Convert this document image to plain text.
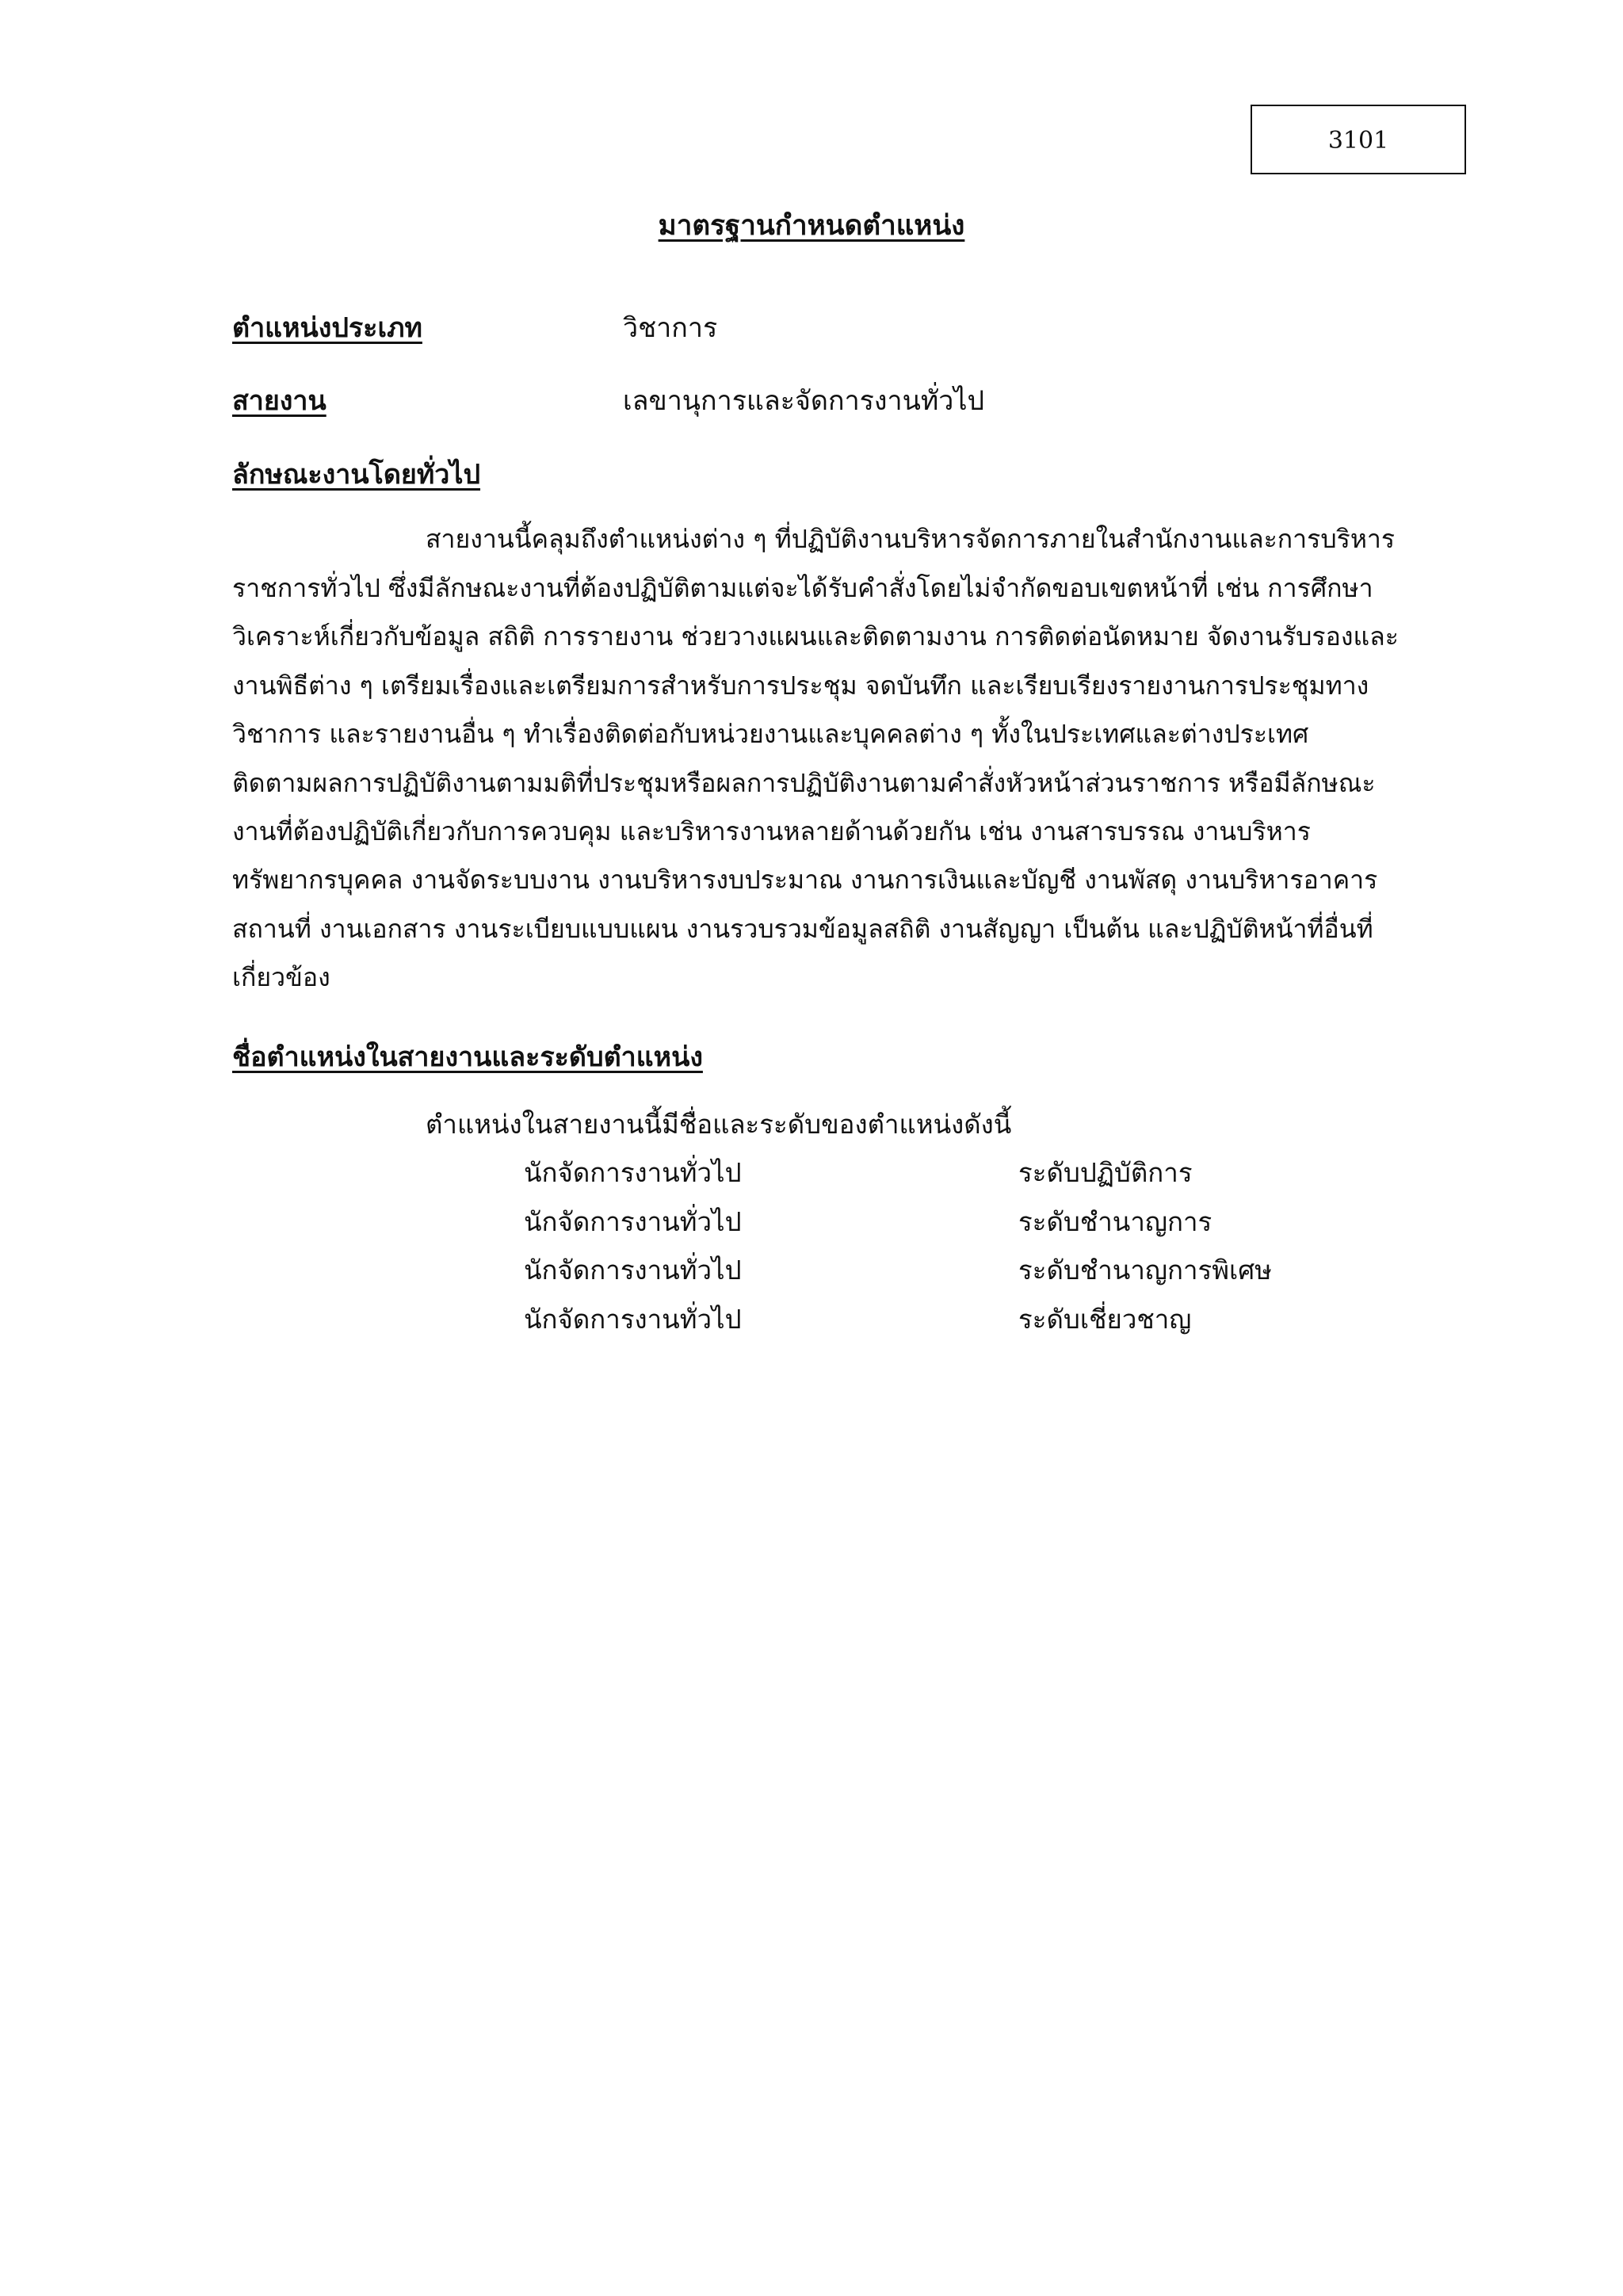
3101
มาตรฐานกำหนดตำแหน่ง
ตำแหน่งประเภท	วิชาการ
สายงาน	เลขานุการและจัดการงานทั่วไป
ลักษณะงานโดยทั่วไป
สายงานนี้คลุมถึงตำแหน่งต่าง ๆ ที่ปฏิบัติงานบริหารจัดการภายในสำนักงานและการบริหาร
ราชการทั่วไป ซึ่งมีลักษณะงานที่ต้องปฏิบัติตามแต่จะได้รับคำสั่งโดยไม่จำกัดขอบเขตหน้าที่ เช่น การศึกษา
วิเคราะห์เกี่ยวกับข้อมูล สถิติ การรายงาน ช่วยวางแผนและติดตามงาน การติดต่อนัดหมาย จัดงานรับรองและ
งานพิธีต่าง ๆ เตรียมเรื่องและเตรียมการสำหรับการประชุม จดบันทึก และเรียบเรียงรายงานการประชุมทาง
วิชาการ และรายงานอื่น ๆ ทำเรื่องติดต่อกับหน่วยงานและบุคคลต่าง ๆ ทั้งในประเทศและต่างประเทศ
ติดตามผลการปฏิบัติงานตามมติที่ประชุมหรือผลการปฏิบัติงานตามคำสั่งหัวหน้าส่วนราชการ หรือมีลักษณะ
งานที่ต้องปฏิบัติเกี่ยวกับการควบคุม และบริหารงานหลายด้านด้วยกัน เช่น งานสารบรรณ งานบริหาร
ทรัพยากรบุคคล งานจัดระบบงาน งานบริหารงบประมาณ งานการเงินและบัญชี งานพัสดุ งานบริหารอาคาร
สถานที่ งานเอกสาร งานระเบียบแบบแผน งานรวบรวมข้อมูลสถิติ งานสัญญา เป็นต้น และปฏิบัติหน้าที่อื่นที่
เกี่ยวข้อง
ชื่อตำแหน่งในสายงานและระดับตำแหน่ง
ตำแหน่งในสายงานนี้มีชื่อและระดับของตำแหน่งดังนี้
นักจัดการงานทั่วไป	ระดับปฏิบัติการ
นักจัดการงานทั่วไป	ระดับชำนาญการ
นักจัดการงานทั่วไป	ระดับชำนาญการพิเศษ
นักจัดการงานทั่วไป	ระดับเชี่ยวชาญ
